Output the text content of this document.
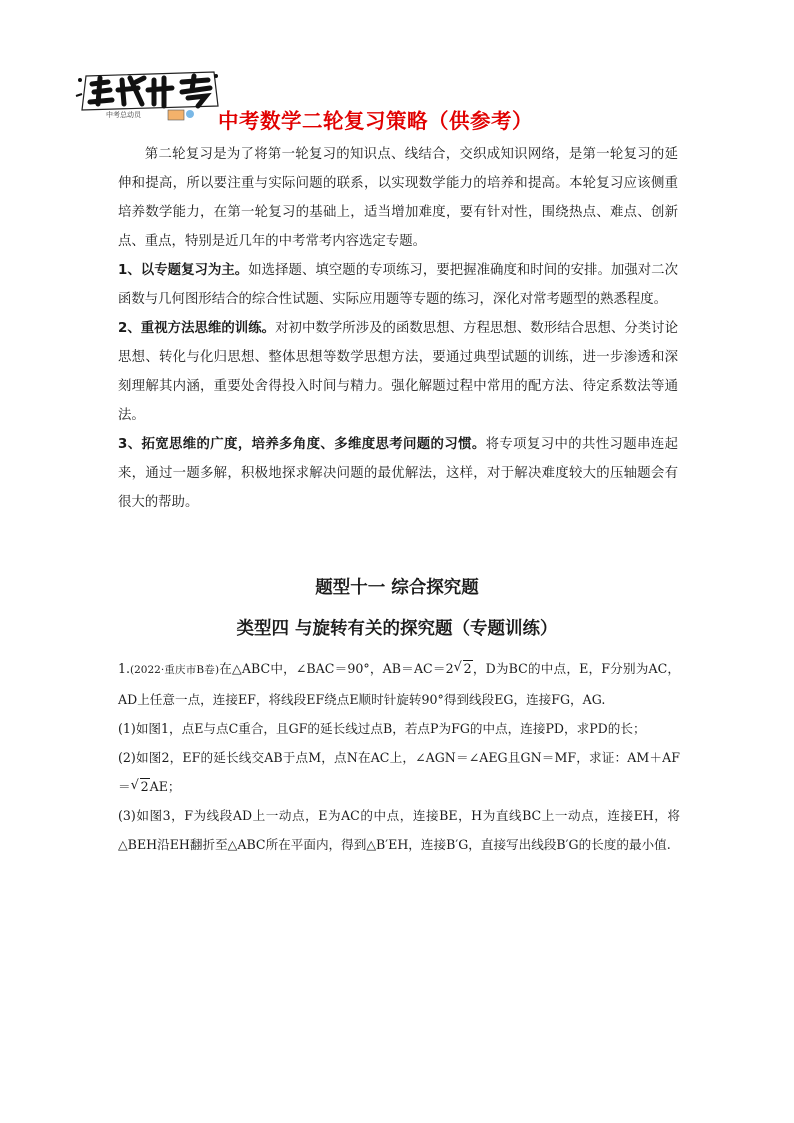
中考总动员	中考数学二轮复习策略（供参考）

第二轮复习是为了将第一轮复习的知识点、线结合，交织成知识网络，是第一轮复习的延伸和提高，所以要注重与实际问题的联系，以实现数学能力的培养和提高。本轮复习应该侧重培养数学能力，在第一轮复习的基础上，适当增加难度，要有针对性，围绕热点、难点、创新点、重点，特别是近几年的中考常考内容选定专题。

1、以专题复习为主。如选择题、填空题的专项练习，要把握准确度和时间的安排。加强对二次函数与几何图形结合的综合性试题、实际应用题等专题的练习，深化对常考题型的熟悉程度。

2、重视方法思维的训练。对初中数学所涉及的函数思想、方程思想、数形结合思想、分类讨论思想、转化与化归思想、整体思想等数学思想方法，要通过典型试题的训练，进一步渗透和深刻理解其内涵，重要处舍得投入时间与精力。强化解题过程中常用的配方法、待定系数法等通法。

3、拓宽思维的广度，培养多角度、多维度思考问题的习惯。将专项复习中的共性习题串连起来，通过一题多解，积极地探求解决问题的最优解法，这样，对于解决难度较大的压轴题会有很大的帮助。

题型十一 综合探究题
类型四 与旋转有关的探究题（专题训练）

1.(2022·重庆市B卷)在△ABC中，∠BAC＝90°，AB＝AC＝2 √ 2，D为BC的中点，E，F分别为AC，AD上任意一点，连接EF，将线段EF绕点E顺时针旋转90°得到线段EG，连接FG，AG.

(1)如图1，点E与点C重合，且GF的延长线过点B，若点P为FG的中点，连接PD，求PD的长；

(2)如图2，EF的延长线交AB于点M，点N在AC上，∠AGN＝∠AEG且GN＝MF，求证：AM＋AF＝ √ 2AE；

(3)如图3，F为线段AD上一动点，E为AC的中点，连接BE，H为直线BC上一动点，连接EH，将△BEH沿EH翻折至△ABC所在平面内，得到△B′EH，连接B′G，直接写出线段B′G的长度的最小值.
